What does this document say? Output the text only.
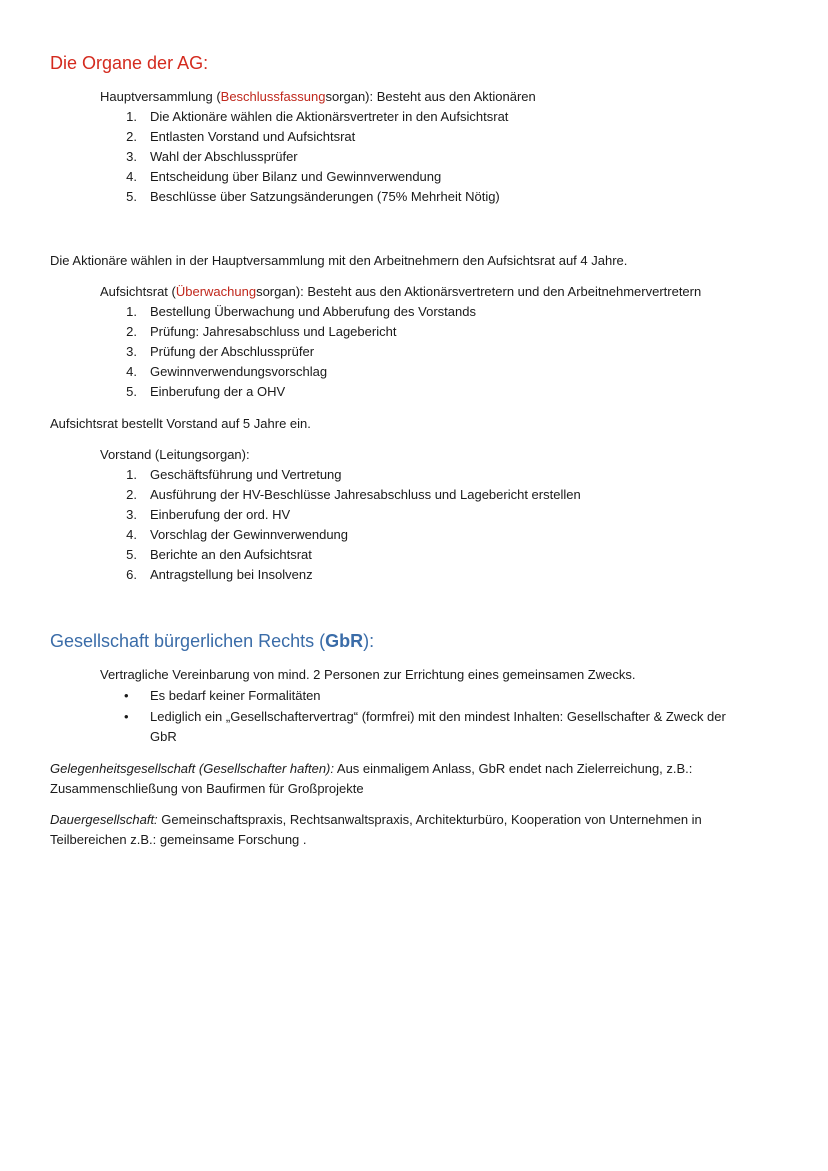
Die Organe der AG:
Hauptversammlung (Beschlussfassungsorgan): Besteht aus den Aktionären
1. Die Aktionäre wählen die Aktionärsvertreter in den Aufsichtsrat
2. Entlasten Vorstand und Aufsichtsrat
3. Wahl der Abschlussprüfer
4. Entscheidung über Bilanz und Gewinnverwendung
5. Beschlüsse über Satzungsänderungen (75% Mehrheit Nötig)
Die Aktionäre wählen in der Hauptversammlung mit den Arbeitnehmern den Aufsichtsrat auf 4 Jahre.
Aufsichtsrat (Überwachungsorgan): Besteht aus den Aktionärsvertretern und den Arbeitnehmervertretern
1. Bestellung Überwachung und Abberufung des Vorstands
2. Prüfung: Jahresabschluss und Lagebericht
3. Prüfung der Abschlussprüfer
4. Gewinnverwendungsvorschlag
5. Einberufung der a OHV
Aufsichtsrat bestellt Vorstand auf 5 Jahre ein.
Vorstand (Leitungsorgan):
1. Geschäftsführung und Vertretung
2. Ausführung der HV-Beschlüsse Jahresabschluss und Lagebericht erstellen
3. Einberufung der ord. HV
4. Vorschlag der Gewinnverwendung
5. Berichte an den Aufsichtsrat
6. Antragstellung bei Insolvenz
Gesellschaft bürgerlichen Rechts (GbR):
Vertragliche Vereinbarung von mind. 2 Personen zur Errichtung eines gemeinsamen Zwecks.
• Es bedarf keiner Formalitäten
• Lediglich ein „Gesellschaftervertrag“ (formfrei) mit den mindest Inhalten: Gesellschafter & Zweck der
GbR
Gelegenheitsgesellschaft (Gesellschafter haften): Aus einmaligem Anlass, GbR endet nach Zielerreichung, z.B.:
Zusammenschließung von Baufirmen für Großprojekte
Dauergesellschaft: Gemeinschaftspraxis, Rechtsanwaltspraxis, Architekturbüro, Kooperation von Unternehmen in
Teilbereichen z.B.: gemeinsame Forschung .
